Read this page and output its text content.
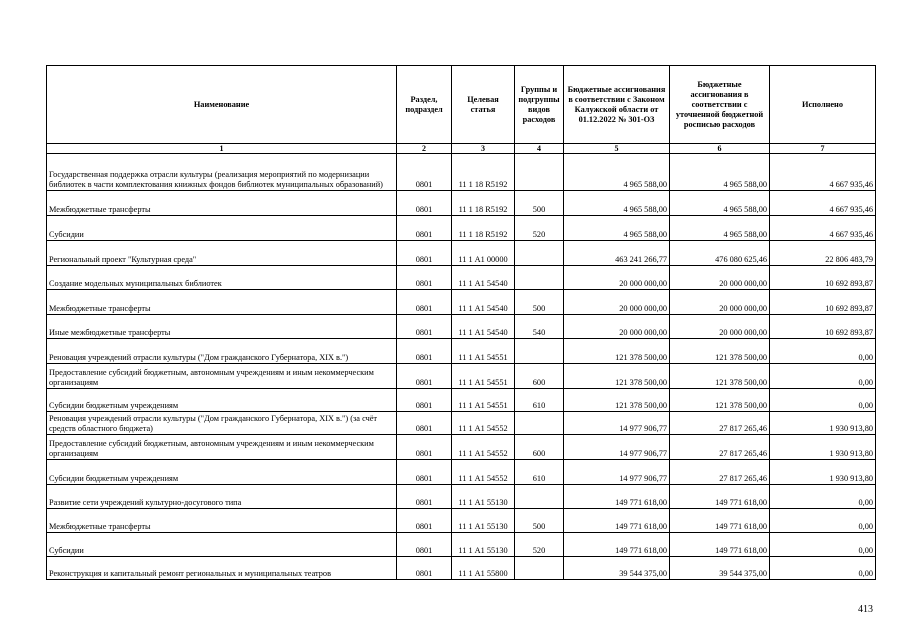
Наименование	Раздел, подраздел	Целевая статья	Группы и подгруппы видов расходов	Бюджетные ассигнования в соответствии с Законом Калужской области от 01.12.2022 № 301-ОЗ	Бюджетные ассигнования в соответствии с уточненной бюджетной росписью расходов	Исполнено
1	2	3	4	5	6	7
Государственная поддержка отрасли культуры (реализация мероприятий по модернизации библиотек в части комплектования книжных фондов библиотек муниципальных образований)	0801	11 1 18 R5192		4 965 588,00	4 965 588,00	4 667 935,46
Межбюджетные трансферты	0801	11 1 18 R5192	500	4 965 588,00	4 965 588,00	4 667 935,46
Субсидии	0801	11 1 18 R5192	520	4 965 588,00	4 965 588,00	4 667 935,46
Региональный проект "Культурная среда"	0801	11 1 А1 00000		463 241 266,77	476 080 625,46	22 806 483,79
Создание модельных муниципальных библиотек	0801	11 1 А1 54540		20 000 000,00	20 000 000,00	10 692 893,87
Межбюджетные трансферты	0801	11 1 А1 54540	500	20 000 000,00	20 000 000,00	10 692 893,87
Иные межбюджетные трансферты	0801	11 1 А1 54540	540	20 000 000,00	20 000 000,00	10 692 893,87
Реновация учреждений отрасли культуры ("Дом гражданского Губернатора, XIX в.")	0801	11 1 А1 54551		121 378 500,00	121 378 500,00	0,00
Предоставление субсидий бюджетным, автономным учреждениям и иным некоммерческим организациям	0801	11 1 А1 54551	600	121 378 500,00	121 378 500,00	0,00
Субсидии бюджетным учреждениям	0801	11 1 А1 54551	610	121 378 500,00	121 378 500,00	0,00
Реновация учреждений отрасли культуры ("Дом гражданского Губернатора, XIX в.") (за счёт средств областного бюджета)	0801	11 1 А1 54552		14 977 906,77	27 817 265,46	1 930 913,80
Предоставление субсидий бюджетным, автономным учреждениям и иным некоммерческим организациям	0801	11 1 А1 54552	600	14 977 906,77	27 817 265,46	1 930 913,80
Субсидии бюджетным учреждениям	0801	11 1 А1 54552	610	14 977 906,77	27 817 265,46	1 930 913,80
Развитие сети учреждений культурно-досугового типа	0801	11 1 А1 55130		149 771 618,00	149 771 618,00	0,00
Межбюджетные трансферты	0801	11 1 А1 55130	500	149 771 618,00	149 771 618,00	0,00
Субсидии	0801	11 1 А1 55130	520	149 771 618,00	149 771 618,00	0,00
Реконструкция и капитальный ремонт региональных и муниципальных театров	0801	11 1 А1 55800		39 544 375,00	39 544 375,00	0,00
413
